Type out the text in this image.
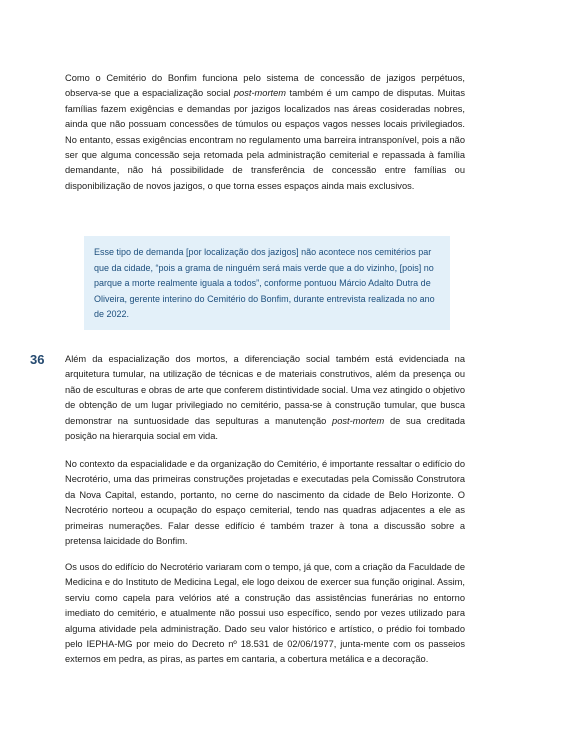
Como o Cemitério do Bonfim funciona pelo sistema de concessão de jazigos perpétuos, observa-se que a espacialização social post-mortem também é um campo de disputas. Muitas famílias fazem exigências e demandas por jazigos localizados nas áreas cosideradas nobres, ainda que não possuam concessões de túmulos ou espaços vagos nesses locais privilegiados. No entanto, essas exigências encontram no regulamento uma barreira intransponível, pois a não ser que alguma concessão seja retomada pela administração cemiterial e repassada à família demandante, não há possibilidade de transferência de concessão entre famílias ou disponibilização de novos jazigos, o que torna esses espaços ainda mais exclusivos.

Esse tipo de demanda [por localização dos jazigos] não acontece nos cemitérios par que da cidade, “pois a grama de ninguém será mais verde que a do vizinho, [pois] no parque a morte realmente iguala a todos”, conforme pontuou Márcio Adalto Dutra de Oliveira, gerente interino do Cemitério do Bonfim, durante entrevista realizada no ano de 2022.

36 Além da espacialização dos mortos, a diferenciação social também está evidenciada na arquitetura tumular, na utilização de técnicas e de materiais construtivos, além da presença ou não de esculturas e obras de arte que conferem distintividade social. Uma vez atingido o objetivo de obtenção de um lugar privilegiado no cemitério, passa-se à construção tumular, que busca demonstrar na suntuosidade das sepulturas a manutenção post-mortem de sua creditada posição na hierarquia social em vida.

No contexto da espacialidade e da organização do Cemitério, é importante ressaltar o edifício do Necrotério, uma das primeiras construções projetadas e executadas pela Comissão Construtora da Nova Capital, estando, portanto, no cerne do nascimento da cidade de Belo Horizonte. O Necrotério norteou a ocupação do espaço cemiterial, tendo nas quadras adjacentes a ele as primeiras numerações. Falar desse edifício é também trazer à tona a discussão sobre a pretensa laicidade do Bonfim.

Os usos do edifício do Necrotério variaram com o tempo, já que, com a criação da Faculdade de Medicina e do Instituto de Medicina Legal, ele logo deixou de exercer sua função original. Assim, serviu como capela para velórios até a construção das assistências funerárias no entorno imediato do cemitério, e atualmente não possui uso específico, sendo por vezes utilizado para alguma atividade pela administração. Dado seu valor histórico e artístico, o prédio foi tombado pelo IEPHA-MG por meio do Decreto nº 18.531 de 02/06/1977, junta-mente com os passeios externos em pedra, as piras, as partes em cantaria, a cobertura metálica e a decoração.
